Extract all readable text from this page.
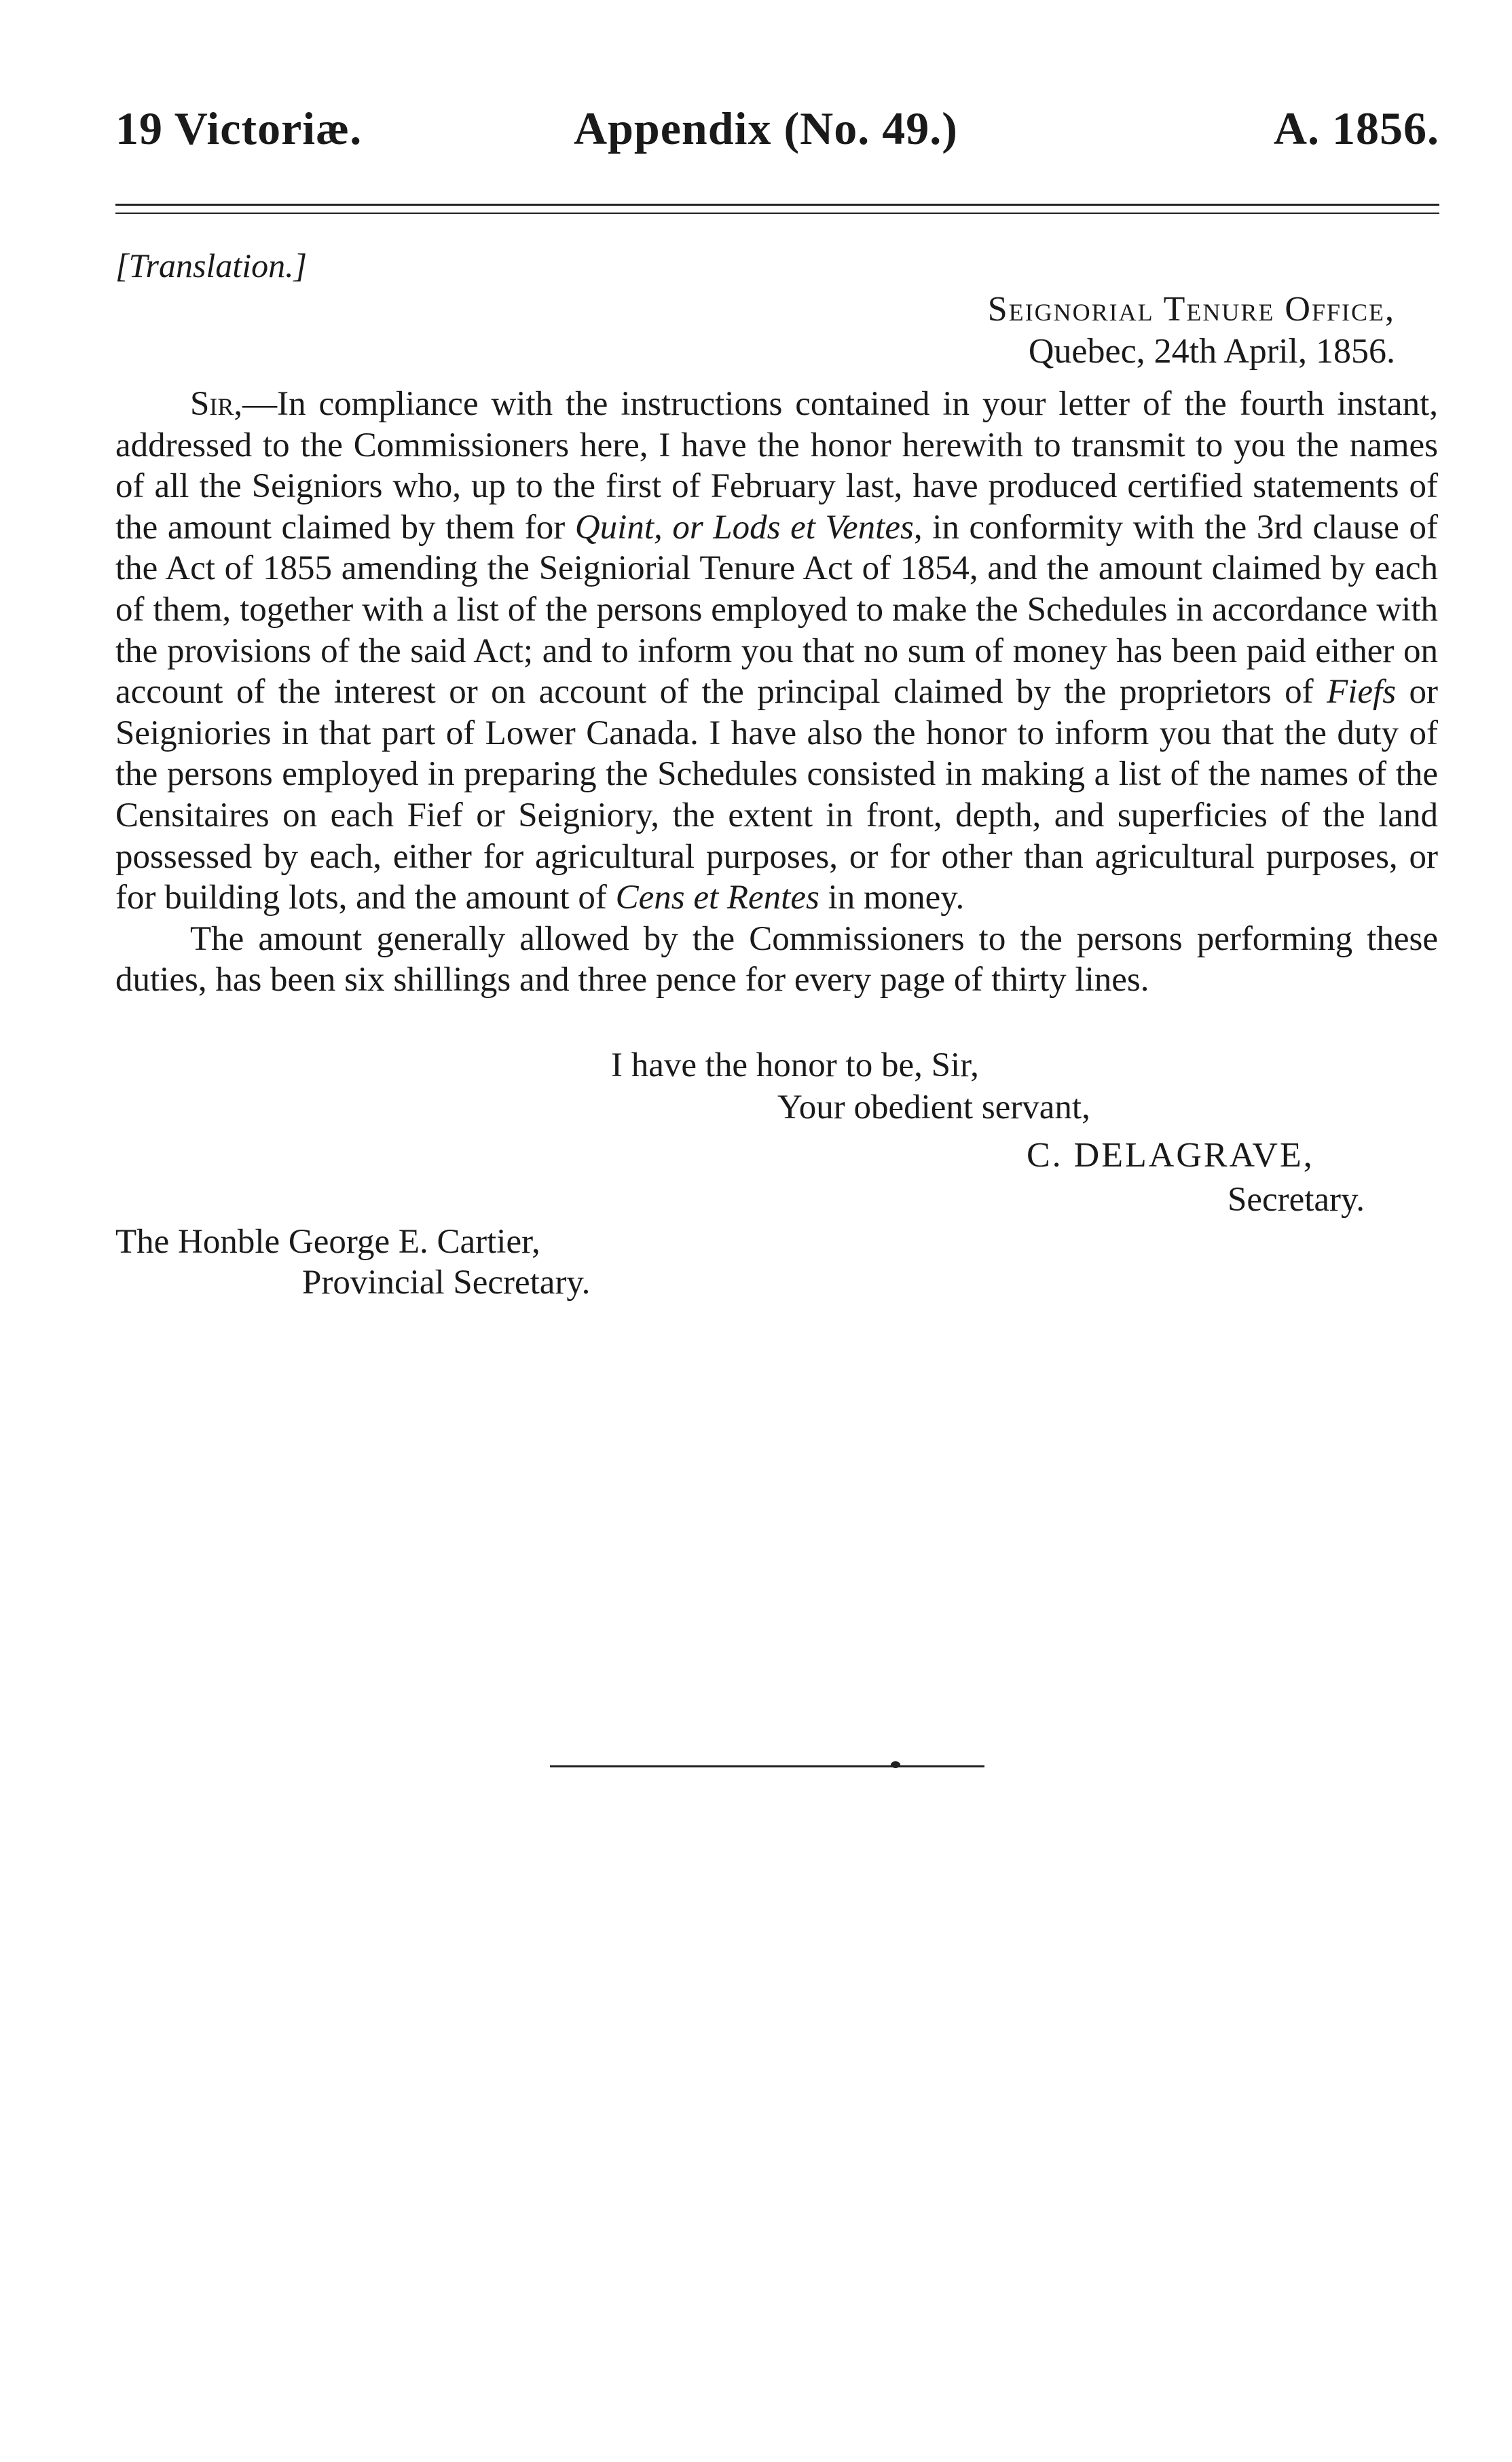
19 Victoriæ.	Appendix (No. 49.)	A. 1856.
[Translation.]
Seignorial Tenure Office,
Quebec, 24th April, 1856.

Sir,—In compliance with the instructions contained in your letter of the fourth instant, addressed to the Commissioners here, I have the honor herewith to transmit to you the names of all the Seigniors who, up to the first of February last, have produced certified statements of the amount claimed by them for Quint, or Lods et Ventes, in conformity with the 3rd clause of the Act of 1855 amending the Seigniorial Tenure Act of 1854, and the amount claimed by each of them, together with a list of the persons employed to make the Schedules in accordance with the provisions of the said Act; and to inform you that no sum of money has been paid either on account of the interest or on account of the principal claimed by the proprietors of Fiefs or Seigniories in that part of Lower Canada. I have also the honor to inform you that the duty of the persons employed in preparing the Schedules consisted in making a list of the names of the Censitaires on each Fief or Seigniory, the extent in front, depth, and superficies of the land possessed by each, either for agricultural purposes, or for other than agricultural purposes, or for building lots, and the amount of Cens et Rentes in money.

The amount generally allowed by the Commissioners to the persons performing these duties, has been six shillings and three pence for every page of thirty lines.

I have the honor to be, Sir,
Your obedient servant,
C. DELAGRAVE,
Secretary.
The Honble George E. Cartier,
Provincial Secretary.
